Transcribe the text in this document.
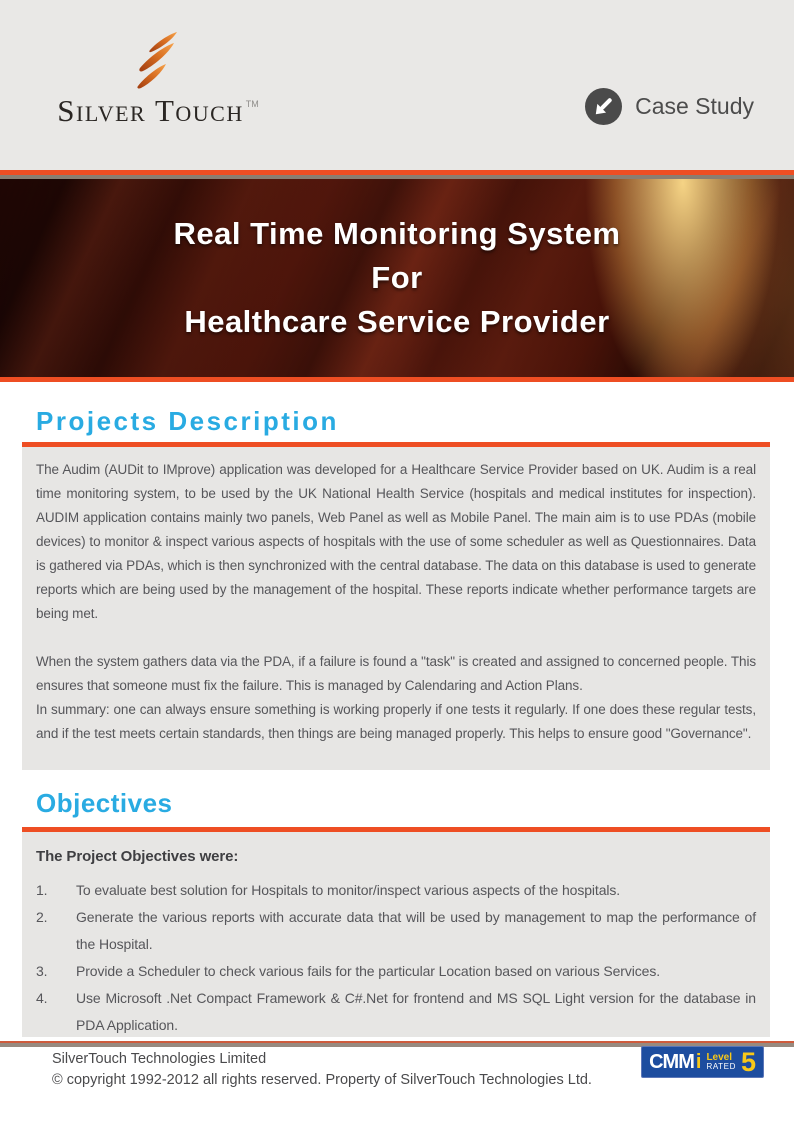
Silver Touch ™	Case Study
Real Time Monitoring System
For
Healthcare Service Provider
Projects Description

The Audim (AUDit to IMprove) application was developed for a Healthcare Service Provider based on UK. Audim is a real time monitoring system, to be used by the UK National Health Service (hospitals and medical institutes for inspection). AUDIM application contains mainly two panels, Web Panel as well as Mobile Panel. The main aim is to use PDAs (mobile devices) to monitor & inspect various aspects of hospitals with the use of some scheduler as well as Questionnaires. Data is gathered via PDAs, which is then synchronized with the central database. The data on this database is used to generate reports which are being used by the management of the hospital. These reports indicate whether performance targets are being met.

When the system gathers data via the PDA, if a failure is found a "task" is created and assigned to concerned people. This ensures that someone must fix the failure. This is managed by Calendaring and Action Plans.

In summary: one can always ensure something is working properly if one tests it regularly. If one does these regular tests, and if the test meets certain standards, then things are being managed properly. This helps to ensure good "Governance".

Objectives

The Project Objectives were:

1.	To evaluate best solution for Hospitals to monitor/inspect various aspects of the hospitals.
2.	Generate the various reports with accurate data that will be used by management to map the performance of the Hospital.
3.	Provide a Scheduler to check various fails for the particular Location based on various Services.
4.	Use Microsoft .Net Compact Framework & C#.Net for frontend and MS SQL Light version for the database in PDA Application.
SilverTouch Technologies Limited
© copyright 1992-2012 all rights reserved. Property of SilverTouch Technologies Ltd.
CMM i Level
RATED 5
